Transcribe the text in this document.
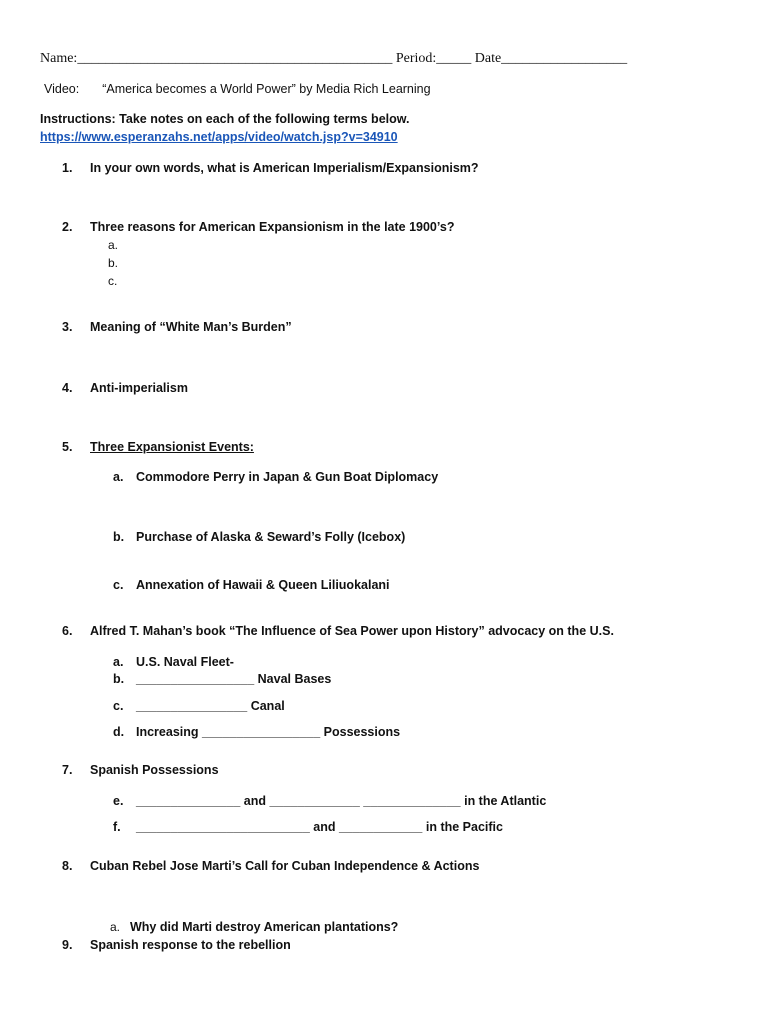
Name:_____________________________________________ Period:_____ Date__________________
Video: “America becomes a World Power” by Media Rich Learning
Instructions: Take notes on each of the following terms below.
https://www.esperanzahs.net/apps/video/watch.jsp?v=34910
1. In your own words, what is American Imperialism/Expansionism?
2. Three reasons for American Expansionism in the late 1900’s?
a.
b.
c.
3. Meaning of “White Man’s Burden”
4. Anti-imperialism
5. Three Expansionist Events:
a. Commodore Perry in Japan & Gun Boat Diplomacy
b. Purchase of Alaska & Seward’s Folly (Icebox)
c. Annexation of Hawaii & Queen Liliuokalani
6. Alfred T. Mahan’s book “The Influence of Sea Power upon History” advocacy on the U.S.
a. U.S. Naval Fleet-
b. _________________ Naval Bases
c. ________________ Canal
d. Increasing _________________ Possessions
7. Spanish Possessions
e. _______________ and _____________ ______________ in the Atlantic
f. _________________________ and ____________ in the Pacific
8. Cuban Rebel Jose Marti’s Call for Cuban Independence & Actions
a. Why did Marti destroy American plantations?
9. Spanish response to the rebellion
